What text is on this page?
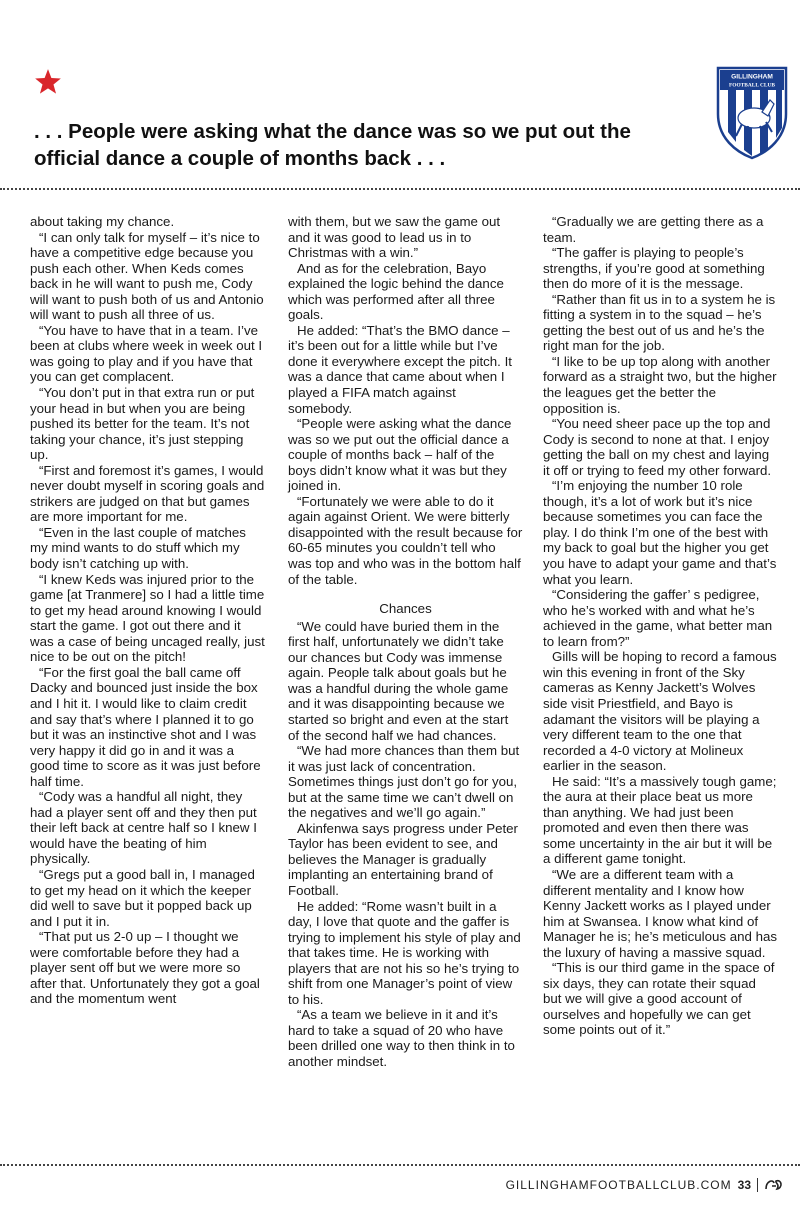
GILLINGHAM
FOOTBALL CLUB
. . . People were asking what the dance was so we put out the
official dance a couple of months back . . .

about taking my chance.

“I can only talk for myself – it’s nice to have a competitive edge because you push each other. When Keds comes back in he will want to push me, Cody will want to push both of us and Antonio will want to push all three of us.

“You have to have that in a team. I’ve been at clubs where week in week out I was going to play and if you have that you can get complacent.

“You don’t put in that extra run or put your head in but when you are being pushed its better for the team. It’s not taking your chance, it’s just stepping up.

“First and foremost it’s games, I would never doubt myself in scoring goals and strikers are judged on that but games are more important for me.

“Even in the last couple of matches my mind wants to do stuff which my body isn’t catching up with.

“I knew Keds was injured prior to the game [at Tranmere] so I had a little time to get my head around knowing I would start the game. I got out there and it was a case of being uncaged really, just nice to be out on the pitch!

“For the first goal the ball came off Dacky and bounced just inside the box and I hit it. I would like to claim credit and say that’s where I planned it to go but it was an instinctive shot and I was very happy it did go in and it was a good time to score as it was just before half time.

“Cody was a handful all night, they had a player sent off and they then put their left back at centre half so I knew I would have the beating of him physically.

“Gregs put a good ball in, I managed to get my head on it which the keeper did well to save but it popped back up and I put it in.

“That put us 2-0 up – I thought we were comfortable before they had a player sent off but we were more so after that. Unfortunately they got a goal and the momentum went

with them, but we saw the game out and it was good to lead us in to Christmas with a win.”

And as for the celebration, Bayo explained the logic behind the dance which was performed after all three goals.

He added: “That’s the BMO dance – it’s been out for a little while but I’ve done it everywhere except the pitch. It was a dance that came about when I played a FIFA match against somebody.

“People were asking what the dance was so we put out the official dance a couple of months back – half of the boys didn’t know what it was but they joined in.

“Fortunately we were able to do it again against Orient. We were bitterly disappointed with the result because for 60-65 minutes you couldn’t tell who was top and who was in the bottom half of the table.

Chances

“We could have buried them in the first half, unfortunately we didn’t take our chances but Cody was immense again. People talk about goals but he was a handful during the whole game and it was disappointing because we started so bright and even at the start of the second half we had chances.

“We had more chances than them but it was just lack of concentration. Sometimes things just don’t go for you, but at the same time we can’t dwell on the negatives and we’ll go again.”

Akinfenwa says progress under Peter Taylor has been evident to see, and believes the Manager is gradually implanting an entertaining brand of Football.

He added: “Rome wasn’t built in a day, I love that quote and the gaffer is trying to implement his style of play and that takes time. He is working with players that are not his so he’s trying to shift from one Manager’s point of view to his.

“As a team we believe in it and it’s hard to take a squad of 20 who have been drilled one way to then think in to another mindset.

“Gradually we are getting there as a team.

“The gaffer is playing to people’s strengths, if you’re good at something then do more of it is the message.

“Rather than fit us in to a system he is fitting a system in to the squad – he’s getting the best out of us and he’s the right man for the job.

“I like to be up top along with another forward as a straight two, but the higher the leagues get the better the opposition is.

“You need sheer pace up the top and Cody is second to none at that. I enjoy getting the ball on my chest and laying it off or trying to feed my other forward.

“I’m enjoying the number 10 role though, it’s a lot of work but it’s nice because sometimes you can face the play. I do think I’m one of the best with my back to goal but the higher you get you have to adapt your game and that’s what you learn.

“Considering the gaffer’ s pedigree, who he’s worked with and what he’s achieved in the game, what better man to learn from?”

Gills will be hoping to record a famous win this evening in front of the Sky cameras as Kenny Jackett’s Wolves side visit Priestfield, and Bayo is adamant the visitors will be playing a very different team to the one that recorded a 4-0 victory at Molineux earlier in the season.

He said: “It’s a massively tough game; the aura at their place beat us more than anything. We had just been promoted and even then there was some uncertainty in the air but it will be a different game tonight.

“We are a different team with a different mentality and I know how Kenny Jackett works as I played under him at Swansea. I know what kind of Manager he is; he’s meticulous and has the luxury of having a massive squad.

“This is our third game in the space of six days, they can rotate their squad but we will give a good account of ourselves and hopefully we can get some points out of it.”

GILLINGHAMFOOTBALLCLUB.COM 33
